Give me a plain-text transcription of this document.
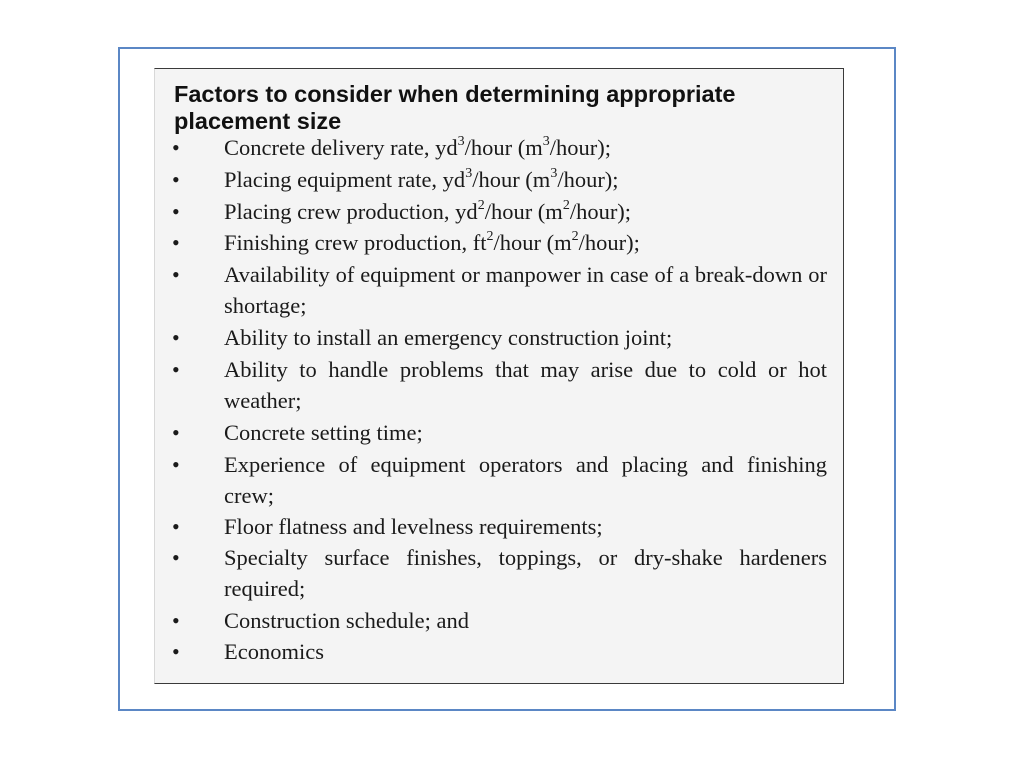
Factors to consider when determining appropriate placement size
• Concrete delivery rate, $yd^3$/hour $(m^3/hour)$;
• Placing equipment rate, $yd^3$/hour $(m^3/hour)$;
• Placing crew production, $yd^2$/hour $(m^2/hour)$;
• Finishing crew production, $ft^2$/hour $(m^2/hour)$;
• Availability of equipment or manpower in case of a break-down or shortage;
• Ability to install an emergency construction joint;
• Ability to handle problems that may arise due to cold or hot weather;
• Concrete setting time;
• Experience of equipment operators and placing and finishing crew;
• Floor flatness and levelness requirements;
• Specialty surface finishes, toppings, or dry-shake hardeners required;
• Construction schedule; and
• Economics
